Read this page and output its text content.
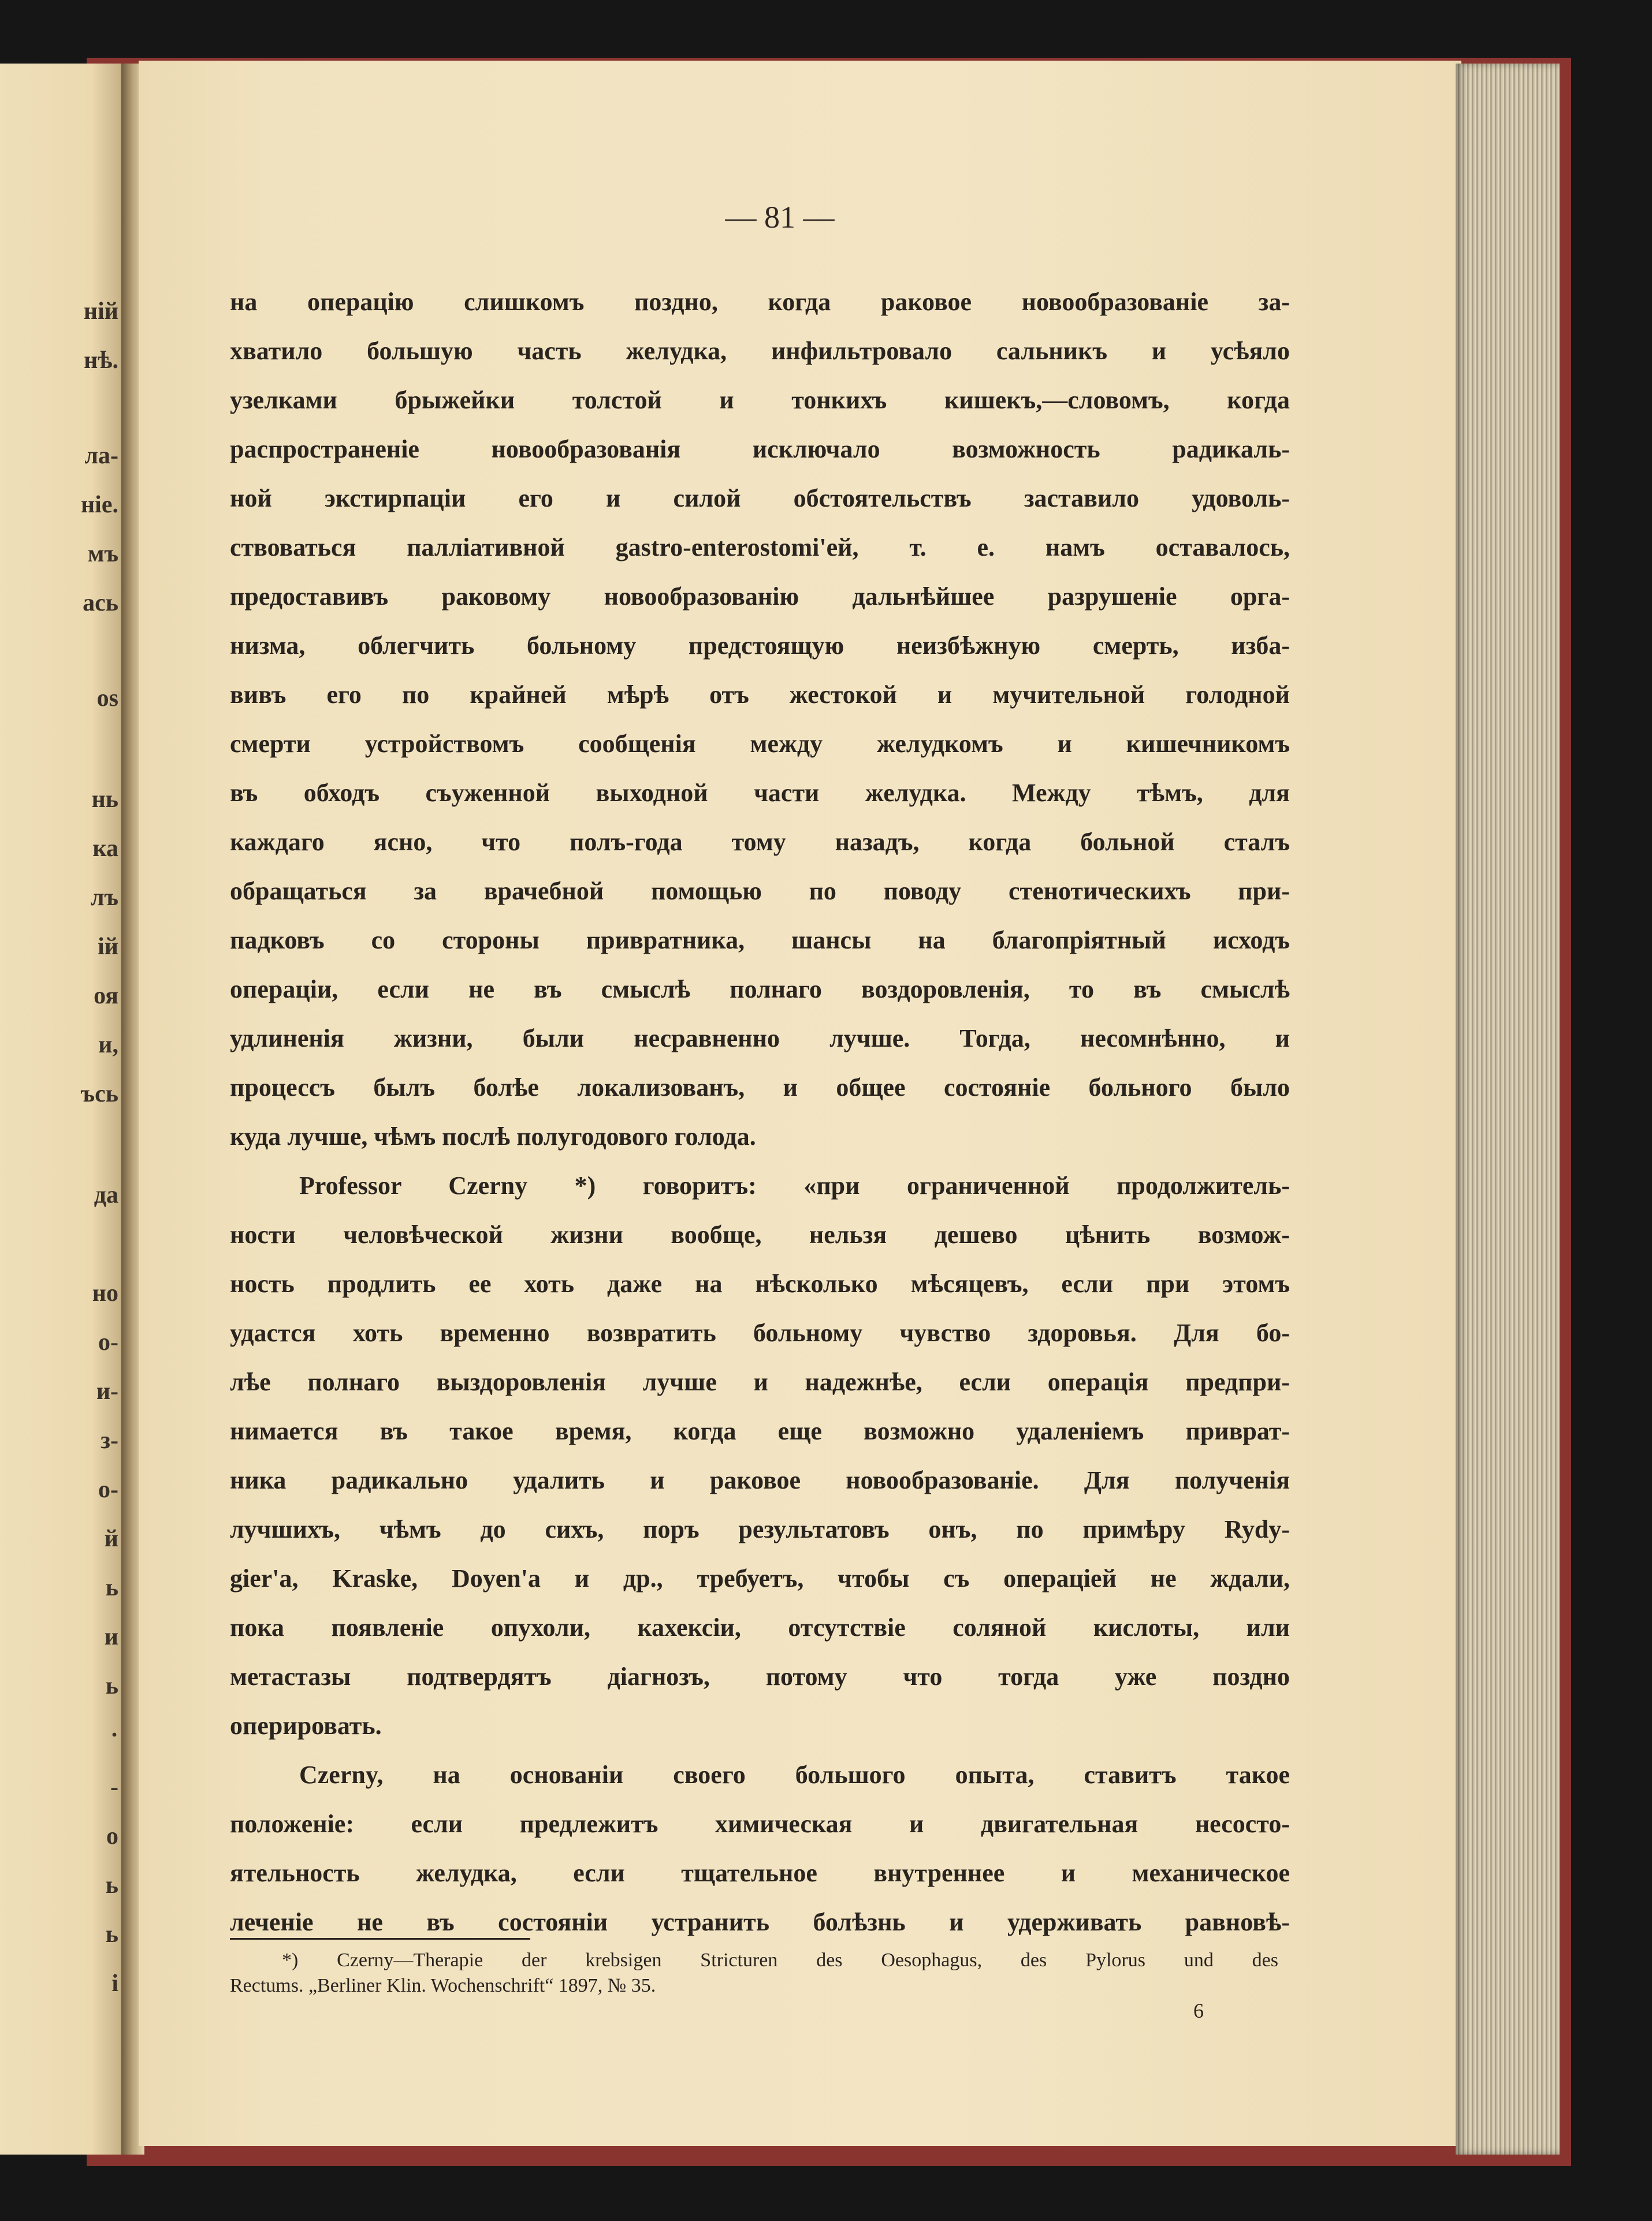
ній
нѣ.
ла-
ніе.
мъ
ась
os
нь
ка
лъ
ій
оя
и,
ъсь
да
но
о-
и-
з-
о-
й
ь
и
ь
·
-
о
ь
ь
і
— 81 —
на операцію слишкомъ поздно, когда раковое новообразованіе за-
хватило большую часть желудка, инфильтровало сальникъ и усѣяло
узелками брыжейки толстой и тонкихъ кишекъ,—словомъ, когда
распространеніе новообразованія исключало возможность радикаль-
ной экстирпаціи его и силой обстоятельствъ заставило удоволь-
ствоваться палліативной gastro-enterostomi'ей, т. е. намъ оставалось,
предоставивъ раковому новообразованію дальнѣйшее разрушеніе орга-
низма, облегчить больному предстоящую неизбѣжную смерть, изба-
вивъ его по крайней мѣрѣ отъ жестокой и мучительной голодной
смерти устройствомъ сообщенія между желудкомъ и кишечникомъ
въ обходъ съуженной выходной части желудка. Между тѣмъ, для
каждаго ясно, что полъ-года тому назадъ, когда больной сталъ
обращаться за врачебной помощью по поводу стенотическихъ при-
падковъ со стороны привратника, шансы на благопріятный исходъ
операціи, если не въ смыслѣ полнаго воздоровленія, то въ смыслѣ
удлиненія жизни, были несравненно лучше. Тогда, несомнѣнно, и
процессъ былъ болѣе локализованъ, и общее состояніе больного было
куда лучше, чѣмъ послѣ полугодового голода.
Professor Czerny *) говоритъ: «при ограниченной продолжитель-
ности человѣческой жизни вообще, нельзя дешево цѣнить возмож-
ность продлить ее хоть даже на нѣсколько мѣсяцевъ, если при этомъ
удастся хоть временно возвратить больному чувство здоровья. Для бо-
лѣе полнаго выздоровленія лучше и надежнѣе, если операція предпри-
нимается въ такое время, когда еще возможно удаленіемъ приврат-
ника радикально удалить и раковое новообразованіе. Для полученія
лучшихъ, чѣмъ до сихъ, поръ результатовъ онъ, по примѣру Rydy-
gier'a, Kraske, Doyen'a и др., требуетъ, чтобы съ операціей не ждали,
пока появленіе опухоли, кахексіи, отсутствіе соляной кислоты, или
метастазы подтвердятъ діагнозъ, потому что тогда уже поздно
оперировать.
Czerny, на основаніи своего большого опыта, ставитъ такое
положеніе: если предлежитъ химическая и двигательная несосто-
ятельность желудка, если тщательное внутреннее и механическое
леченіе не въ состояніи устранить болѣзнь и удерживать равновѣ-
*) Czerny—Therapie der krebsigen Stricturen des Oesophagus, des Pylorus und des
Rectums. „Berliner Klin. Wochenschrift“ 1897, № 35.
6
